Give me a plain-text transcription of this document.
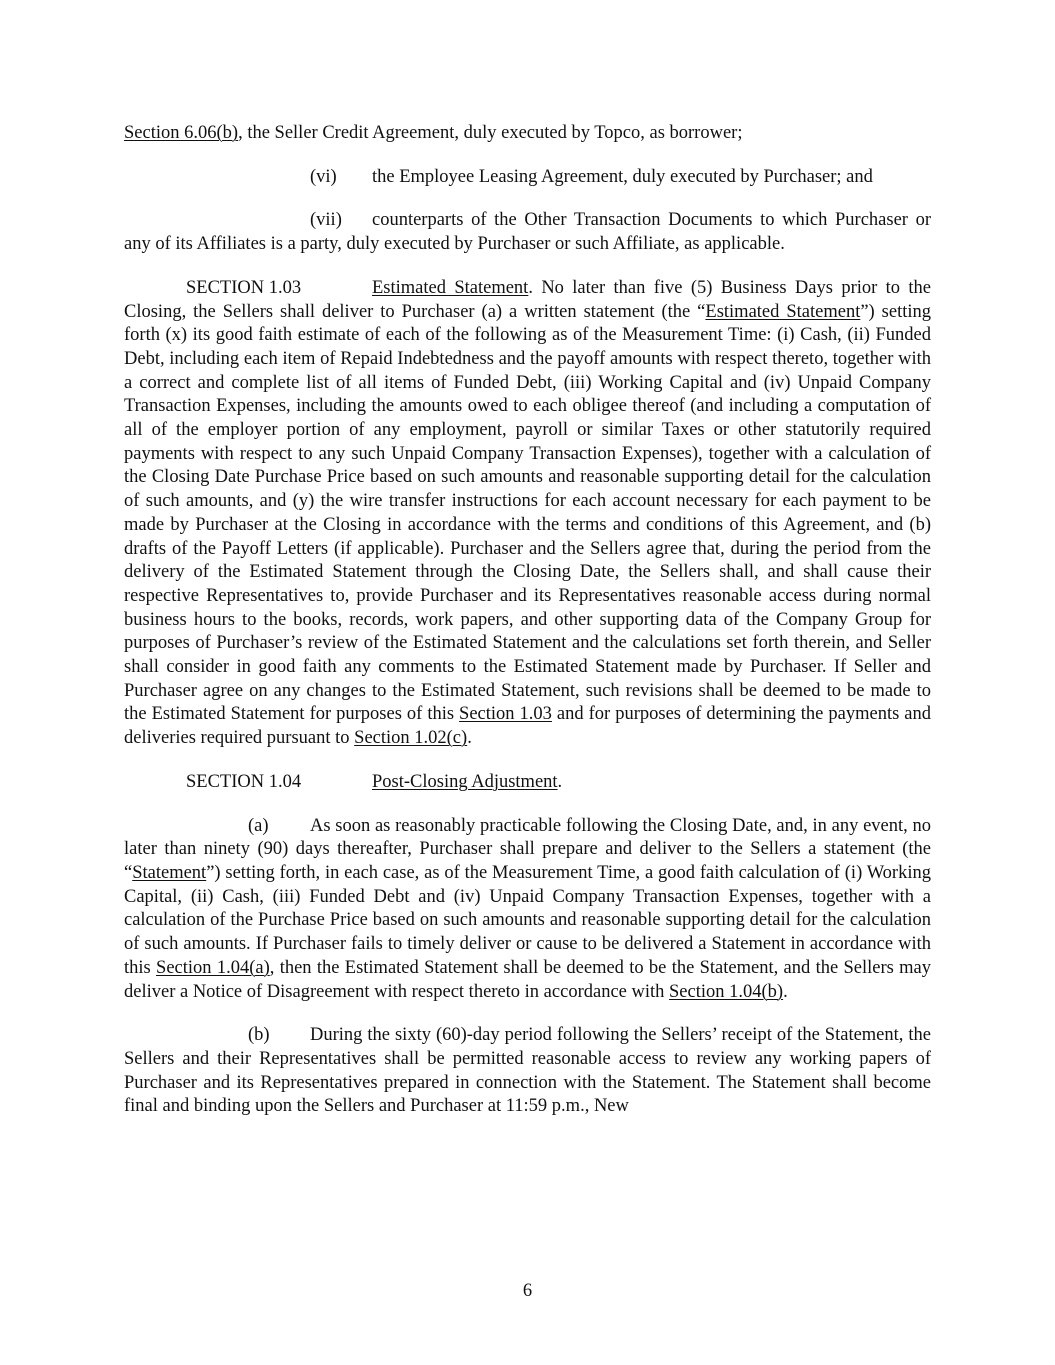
Section 6.06(b), the Seller Credit Agreement, duly executed by Topco, as borrower;

(vi) the Employee Leasing Agreement, duly executed by Purchaser; and

(vii) counterparts of the Other Transaction Documents to which Purchaser or any of its Affiliates is a party, duly executed by Purchaser or such Affiliate, as applicable.

SECTION 1.03	Estimated Statement. No later than five (5) Business Days prior to the Closing, the Sellers shall deliver to Purchaser (a) a written statement (the “Estimated Statement”) setting forth (x) its good faith estimate of each of the following as of the Measurement Time: (i) Cash, (ii) Funded Debt, including each item of Repaid Indebtedness and the payoff amounts with respect thereto, together with a correct and complete list of all items of Funded Debt, (iii) Working Capital and (iv) Unpaid Company Transaction Expenses, including the amounts owed to each obligee thereof (and including a computation of all of the employer portion of any employment, payroll or similar Taxes or other statutorily required payments with respect to any such Unpaid Company Transaction Expenses), together with a calculation of the Closing Date Purchase Price based on such amounts and reasonable supporting detail for the calculation of such amounts, and (y) the wire transfer instructions for each account necessary for each payment to be made by Purchaser at the Closing in accordance with the terms and conditions of this Agreement, and (b) drafts of the Payoff Letters (if applicable). Purchaser and the Sellers agree that, during the period from the delivery of the Estimated Statement through the Closing Date, the Sellers shall, and shall cause their respective Representatives to, provide Purchaser and its Representatives reasonable access during normal business hours to the books, records, work papers, and other supporting data of the Company Group for purposes of Purchaser’s review of the Estimated Statement and the calculations set forth therein, and Seller shall consider in good faith any comments to the Estimated Statement made by Purchaser. If Seller and Purchaser agree on any changes to the Estimated Statement, such revisions shall be deemed to be made to the Estimated Statement for purposes of this Section 1.03 and for purposes of determining the payments and deliveries required pursuant to Section 1.02(c).

SECTION 1.04	Post-Closing Adjustment.

(a) As soon as reasonably practicable following the Closing Date, and, in any event, no later than ninety (90) days thereafter, Purchaser shall prepare and deliver to the Sellers a statement (the “Statement”) setting forth, in each case, as of the Measurement Time, a good faith calculation of (i) Working Capital, (ii) Cash, (iii) Funded Debt and (iv) Unpaid Company Transaction Expenses, together with a calculation of the Purchase Price based on such amounts and reasonable supporting detail for the calculation of such amounts. If Purchaser fails to timely deliver or cause to be delivered a Statement in accordance with this Section 1.04(a), then the Estimated Statement shall be deemed to be the Statement, and the Sellers may deliver a Notice of Disagreement with respect thereto in accordance with Section 1.04(b).

(b) During the sixty (60)-day period following the Sellers’ receipt of the Statement, the Sellers and their Representatives shall be permitted reasonable access to review any working papers of Purchaser and its Representatives prepared in connection with the Statement. The Statement shall become final and binding upon the Sellers and Purchaser at 11:59 p.m., New

6
